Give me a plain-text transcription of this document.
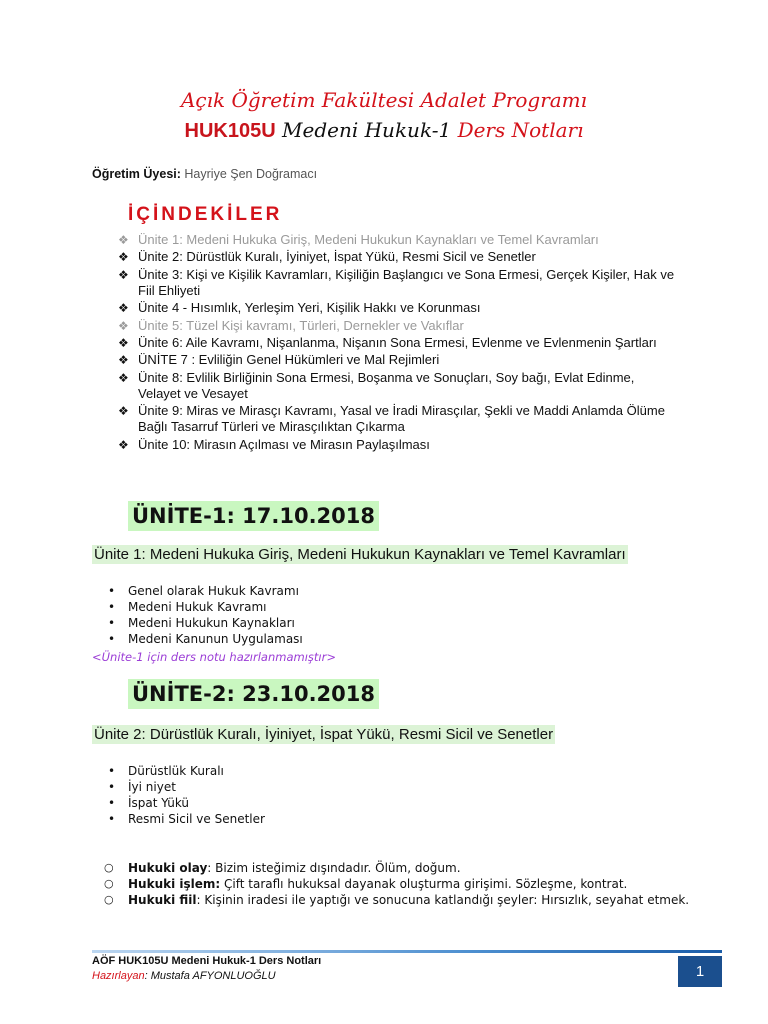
Açık Öğretim Fakültesi Adalet Programı
HUK105U Medeni Hukuk-1 Ders Notları
Öğretim Üyesi: Hayriye Şen Doğramacı
İÇİNDEKİLER
❖ Ünite 1: Medeni Hukuka Giriş, Medeni Hukukun Kaynakları ve Temel Kavramları
❖ Ünite 2: Dürüstlük Kuralı, İyiniyet, İspat Yükü, Resmi Sicil ve Senetler
❖ Ünite 3: Kişi ve Kişilik Kavramları, Kişiliğin Başlangıcı ve Sona Ermesi, Gerçek Kişiler, Hak ve Fiil Ehliyeti
❖ Ünite 4 - Hısımlık, Yerleşim Yeri, Kişilik Hakkı ve Korunması
❖ Ünite 5: Tüzel Kişi kavramı, Türleri, Dernekler ve Vakıflar
❖ Ünite 6: Aile Kavramı, Nişanlanma, Nişanın Sona Ermesi, Evlenme ve Evlenmenin Şartları
❖ ÜNİTE 7 : Evliliğin Genel Hükümleri ve Mal Rejimleri
❖ Ünite 8: Evlilik Birliğinin Sona Ermesi, Boşanma ve Sonuçları, Soy bağı, Evlat Edinme, Velayet ve Vesayet
❖ Ünite 9: Miras ve Mirasçı Kavramı, Yasal ve İradi Mirasçılar, Şekli ve Maddi Anlamda Ölüme Bağlı Tasarruf Türleri ve Mirasçılıktan Çıkarma
❖ Ünite 10: Mirasın Açılması ve Mirasın Paylaşılması
ÜNİTE-1: 17.10.2018
Ünite 1: Medeni Hukuka Giriş, Medeni Hukukun Kaynakları ve Temel Kavramları
• Genel olarak Hukuk Kavramı
• Medeni Hukuk Kavramı
• Medeni Hukukun Kaynakları
• Medeni Kanunun Uygulaması
<Ünite-1 için ders notu hazırlanmamıştır>
ÜNİTE-2: 23.10.2018
Ünite 2: Dürüstlük Kuralı, İyiniyet, İspat Yükü, Resmi Sicil ve Senetler
• Dürüstlük Kuralı
• İyi niyet
• İspat Yükü
• Resmi Sicil ve Senetler
○ Hukuki olay: Bizim isteğimiz dışındadır. Ölüm, doğum.
○ Hukuki işlem: Çift taraflı hukuksal dayanak oluşturma girişimi. Sözleşme, kontrat.
○ Hukuki fiil: Kişinin iradesi ile yaptığı ve sonucuna katlandığı şeyler: Hırsızlık, seyahat etmek.
AÖF HUK105U Medeni Hukuk-1 Ders Notları
Hazırlayan: Mustafa AFYONLUOĞLU	1
